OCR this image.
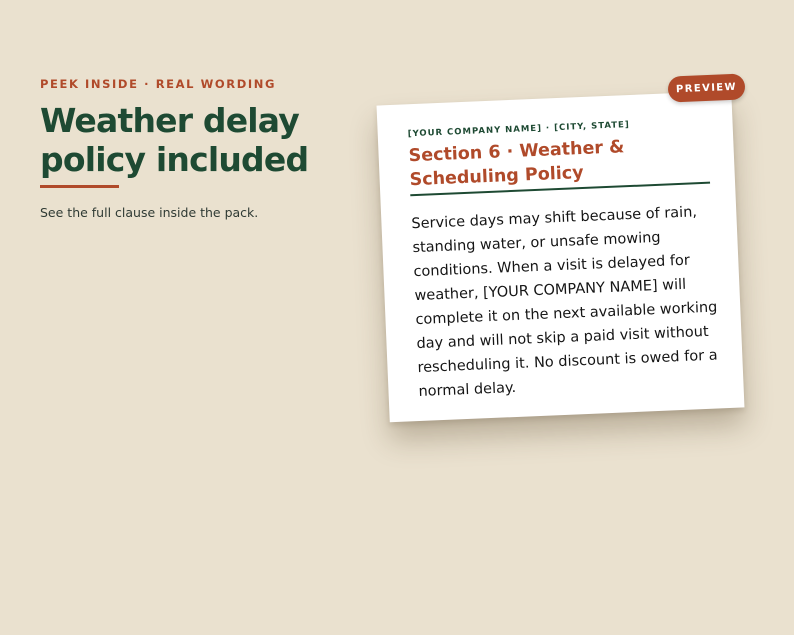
PEEK INSIDE · REAL WORDING

Weather delay policy included

See the full clause inside the pack.

[YOUR COMPANY NAME] · [CITY, STATE]

Section 6 · Weather & Scheduling Policy

Service days may shift because of rain, standing water, or unsafe mowing conditions. When a visit is delayed for weather, [YOUR COMPANY NAME] will complete it on the next available working day and will not skip a paid visit without rescheduling it. No discount is owed for a normal delay.

PREVIEW
